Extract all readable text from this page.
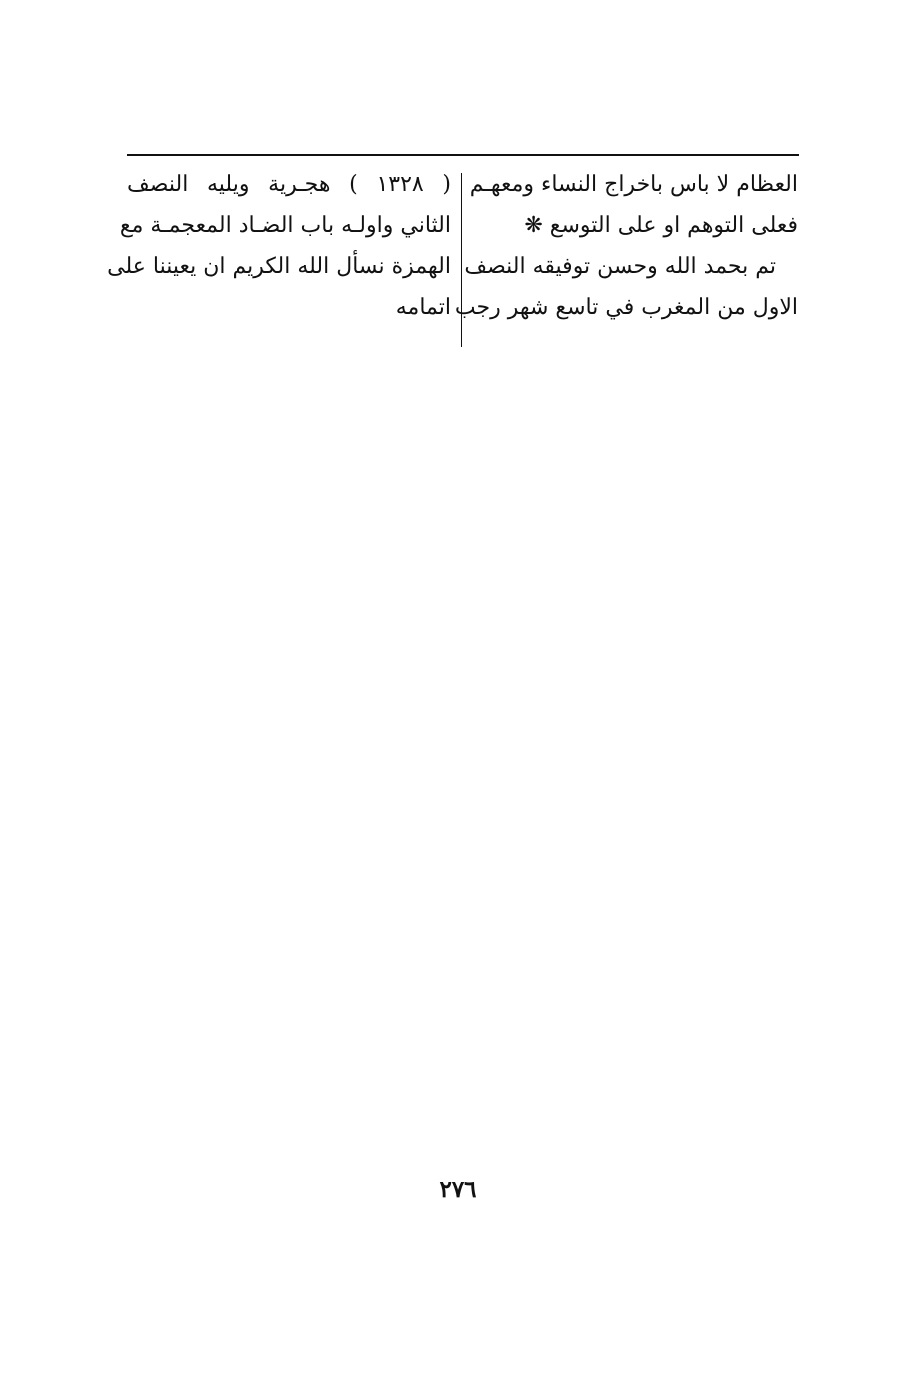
العظام لا باس باخراج النساء ومعهـم
فعلى التوهم او على التوسع ❋
تم بحمد الله وحسن توفيقه النصف
الاول من المغرب في تاسع شهر رجب
( ١٣٢٨ ) هجـرية ويليه النصف
الثاني واولـه باب الضـاد المعجمـة مع
الهمزة نسأل الله الكريم ان يعيننا على
اتمامه
٢٧٦
